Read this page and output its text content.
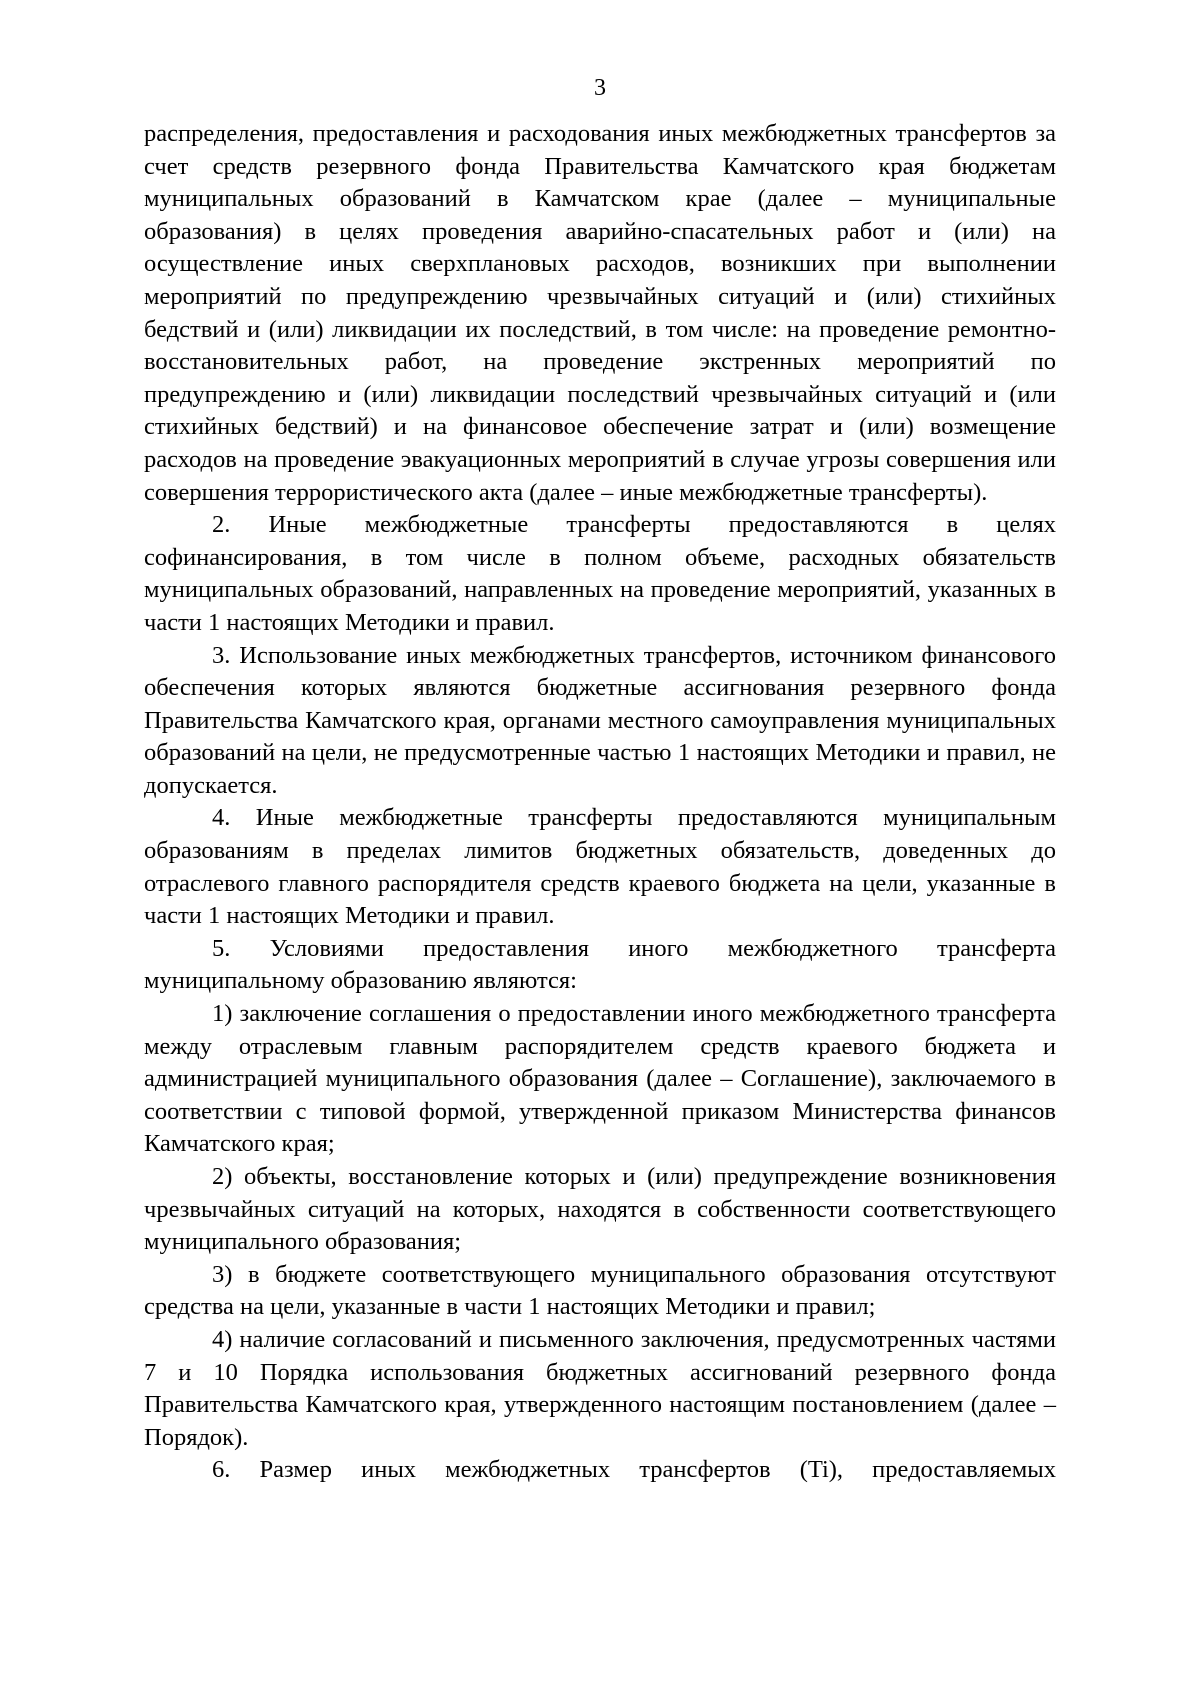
3

распределения, предоставления и расходования иных межбюджетных трансфертов за счет средств резервного фонда Правительства Камчатского края бюджетам муниципальных образований в Камчатском крае (далее – муниципальные образования) в целях проведения аварийно-спасательных работ и (или) на осуществление иных сверхплановых расходов, возникших при выполнении мероприятий по предупреждению чрезвычайных ситуаций и (или) стихийных бедствий и (или) ликвидации их последствий, в том числе: на проведение ремонтно-восстановительных работ, на проведение экстренных мероприятий по предупреждению и (или) ликвидации последствий чрезвычайных ситуаций и (или стихийных бедствий) и на финансовое обеспечение затрат и (или) возмещение расходов на проведение эвакуационных мероприятий в случае угрозы совершения или совершения террористического акта (далее – иные межбюджетные трансферты).

2. Иные межбюджетные трансферты предоставляются в целях софинансирования, в том числе в полном объеме, расходных обязательств муниципальных образований, направленных на проведение мероприятий, указанных в части 1 настоящих Методики и правил.

3. Использование иных межбюджетных трансфертов, источником финансового обеспечения которых являются бюджетные ассигнования резервного фонда Правительства Камчатского края, органами местного самоуправления муниципальных образований на цели, не предусмотренные частью 1 настоящих Методики и правил, не допускается.

4. Иные межбюджетные трансферты предоставляются муниципальным образованиям в пределах лимитов бюджетных обязательств, доведенных до отраслевого главного распорядителя средств краевого бюджета на цели, указанные в части 1 настоящих Методики и правил.

5. Условиями предоставления иного межбюджетного трансферта муниципальному образованию являются:

1) заключение соглашения о предоставлении иного межбюджетного трансферта между отраслевым главным распорядителем средств краевого бюджета и администрацией муниципального образования (далее – Соглашение), заключаемого в соответствии с типовой формой, утвержденной приказом Министерства финансов Камчатского края;

2) объекты, восстановление которых и (или) предупреждение возникновения чрезвычайных ситуаций на которых, находятся в собственности соответствующего муниципального образования;

3) в бюджете соответствующего муниципального образования отсутствуют средства на цели, указанные в части 1 настоящих Методики и правил;

4) наличие согласований и письменного заключения, предусмотренных частями 7 и 10 Порядка использования бюджетных ассигнований резервного фонда Правительства Камчатского края, утвержденного настоящим постановлением (далее – Порядок).

6. Размер иных межбюджетных трансфертов (Ti), предоставляемых
